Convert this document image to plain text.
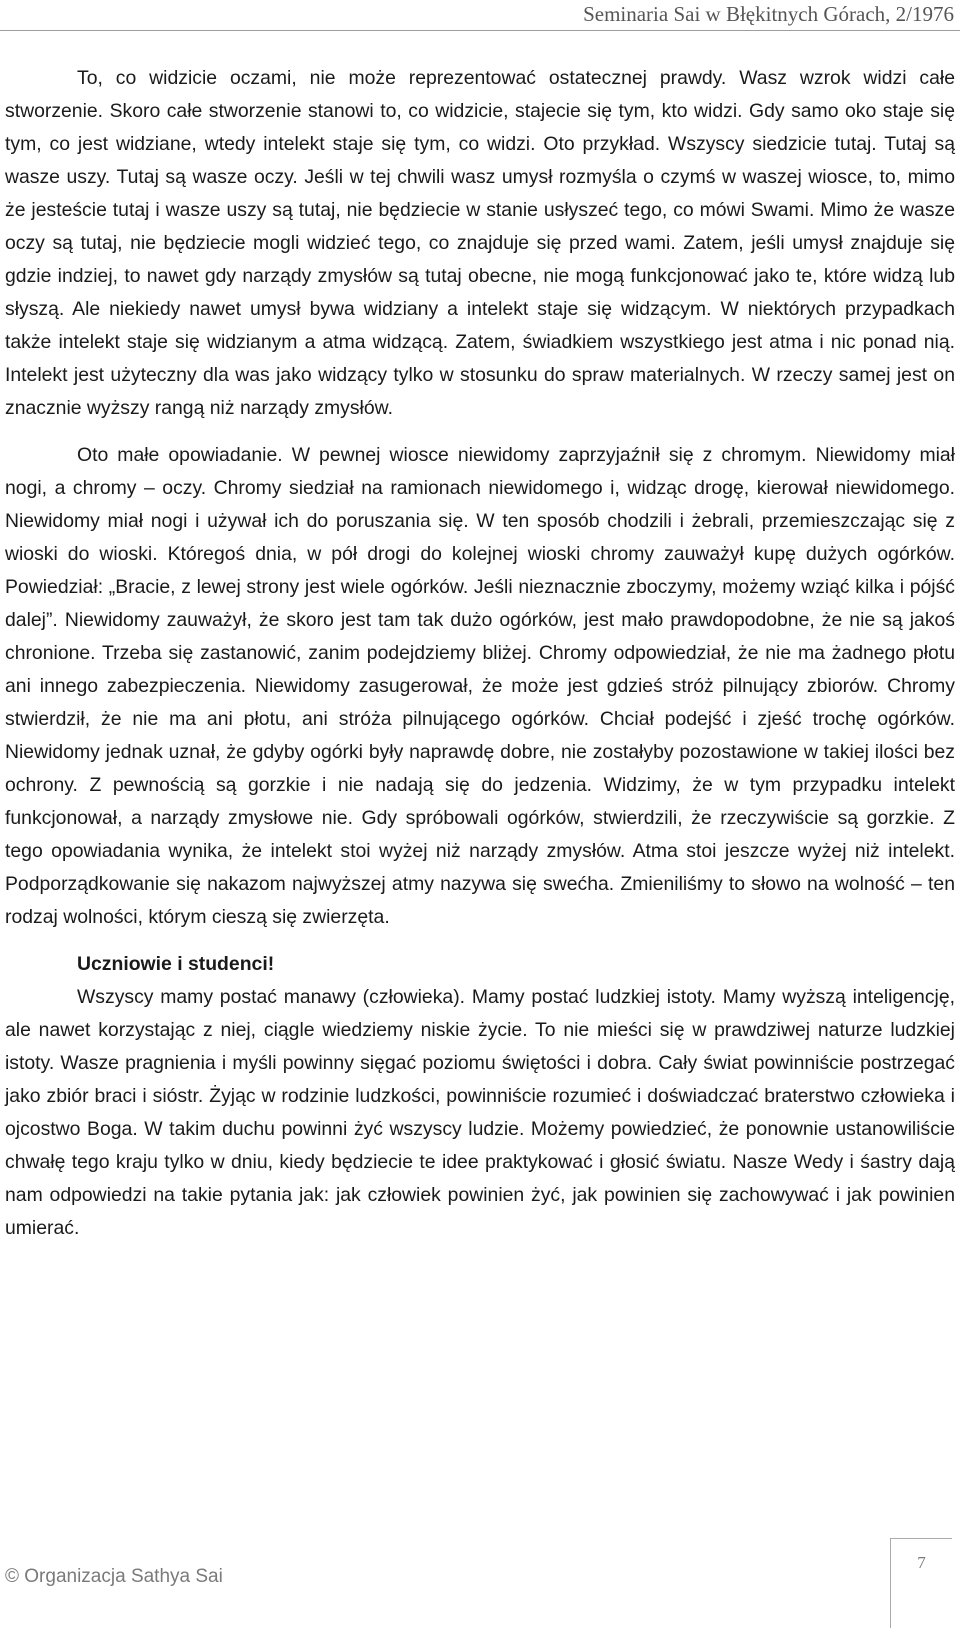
Seminaria Sai w Błękitnych Górach, 2/1976

To, co widzicie oczami, nie może reprezentować ostatecznej prawdy. Wasz wzrok widzi całe stworzenie. Skoro całe stworzenie stanowi to, co widzicie, stajecie się tym, kto widzi. Gdy samo oko staje się tym, co jest widziane, wtedy intelekt staje się tym, co widzi. Oto przykład. Wszyscy siedzicie tutaj. Tutaj są wasze uszy. Tutaj są wasze oczy. Jeśli w tej chwili wasz umysł rozmyśla o czymś w waszej wiosce, to, mimo że jesteście tutaj i wasze uszy są tutaj, nie będziecie w stanie usłyszeć tego, co mówi Swami. Mimo że wasze oczy są tutaj, nie będziecie mogli widzieć tego, co znajduje się przed wami. Zatem, jeśli umysł znajduje się gdzie indziej, to nawet gdy narządy zmysłów są tutaj obecne, nie mogą funkcjonować jako te, które widzą lub słyszą. Ale niekiedy nawet umysł bywa widziany a intelekt staje się widzącym. W niektórych przypadkach także intelekt staje się widzianym a atma widzącą. Zatem, świadkiem wszystkiego jest atma i nic ponad nią. Intelekt jest użyteczny dla was jako widzący tylko w stosunku do spraw materialnych. W rzeczy samej jest on znacznie wyższy rangą niż narządy zmysłów.

Oto małe opowiadanie. W pewnej wiosce niewidomy zaprzyjaźnił się z chromym. Niewidomy miał nogi, a chromy – oczy. Chromy siedział na ramionach niewidomego i, widząc drogę, kierował niewidomego. Niewidomy miał nogi i używał ich do poruszania się. W ten sposób chodzili i żebrali, przemieszczając się z wioski do wioski. Któregoś dnia, w pół drogi do kolejnej wioski chromy zauważył kupę dużych ogórków. Powiedział: „Bracie, z lewej strony jest wiele ogórków. Jeśli nieznacznie zboczymy, możemy wziąć kilka i pójść dalej”. Niewidomy zauważył, że skoro jest tam tak dużo ogórków, jest mało prawdopodobne, że nie są jakoś chronione. Trzeba się zastanowić, zanim podejdziemy bliżej. Chromy odpowiedział, że nie ma żadnego płotu ani innego zabezpieczenia. Niewidomy zasugerował, że może jest gdzieś stróż pilnujący zbiorów. Chromy stwierdził, że nie ma ani płotu, ani stróża pilnującego ogórków. Chciał podejść i zjeść trochę ogórków. Niewidomy jednak uznał, że gdyby ogórki były naprawdę dobre, nie zostałyby pozostawione w takiej ilości bez ochrony. Z pewnością są gorzkie i nie nadają się do jedzenia. Widzimy, że w tym przypadku intelekt funkcjonował, a narządy zmysłowe nie. Gdy spróbowali ogórków, stwierdzili, że rzeczywiście są gorzkie. Z tego opowiadania wynika, że intelekt stoi wyżej niż narządy zmysłów. Atma stoi jeszcze wyżej niż intelekt. Podporządkowanie się nakazom najwyższej atmy nazywa się swećha. Zmieniliśmy to słowo na wolność – ten rodzaj wolności, którym cieszą się zwierzęta.

Uczniowie i studenci!

Wszyscy mamy postać manawy (człowieka). Mamy postać ludzkiej istoty. Mamy wyższą inteligencję, ale nawet korzystając z niej, ciągle wiedziemy niskie życie. To nie mieści się w prawdziwej naturze ludzkiej istoty. Wasze pragnienia i myśli powinny sięgać poziomu świętości i dobra. Cały świat powinniście postrzegać jako zbiór braci i sióstr. Żyjąc w rodzinie ludzkości, powinniście rozumieć i doświadczać braterstwo człowieka i ojcostwo Boga. W takim duchu powinni żyć wszyscy ludzie. Możemy powiedzieć, że ponownie ustanowiliście chwałę tego kraju tylko w dniu, kiedy będziecie te idee praktykować i głosić światu. Nasze Wedy i śastry dają nam odpowiedzi na takie pytania jak: jak człowiek powinien żyć, jak powinien się zachowywać i jak powinien umierać.

© Organizacja Sathya Sai
7
